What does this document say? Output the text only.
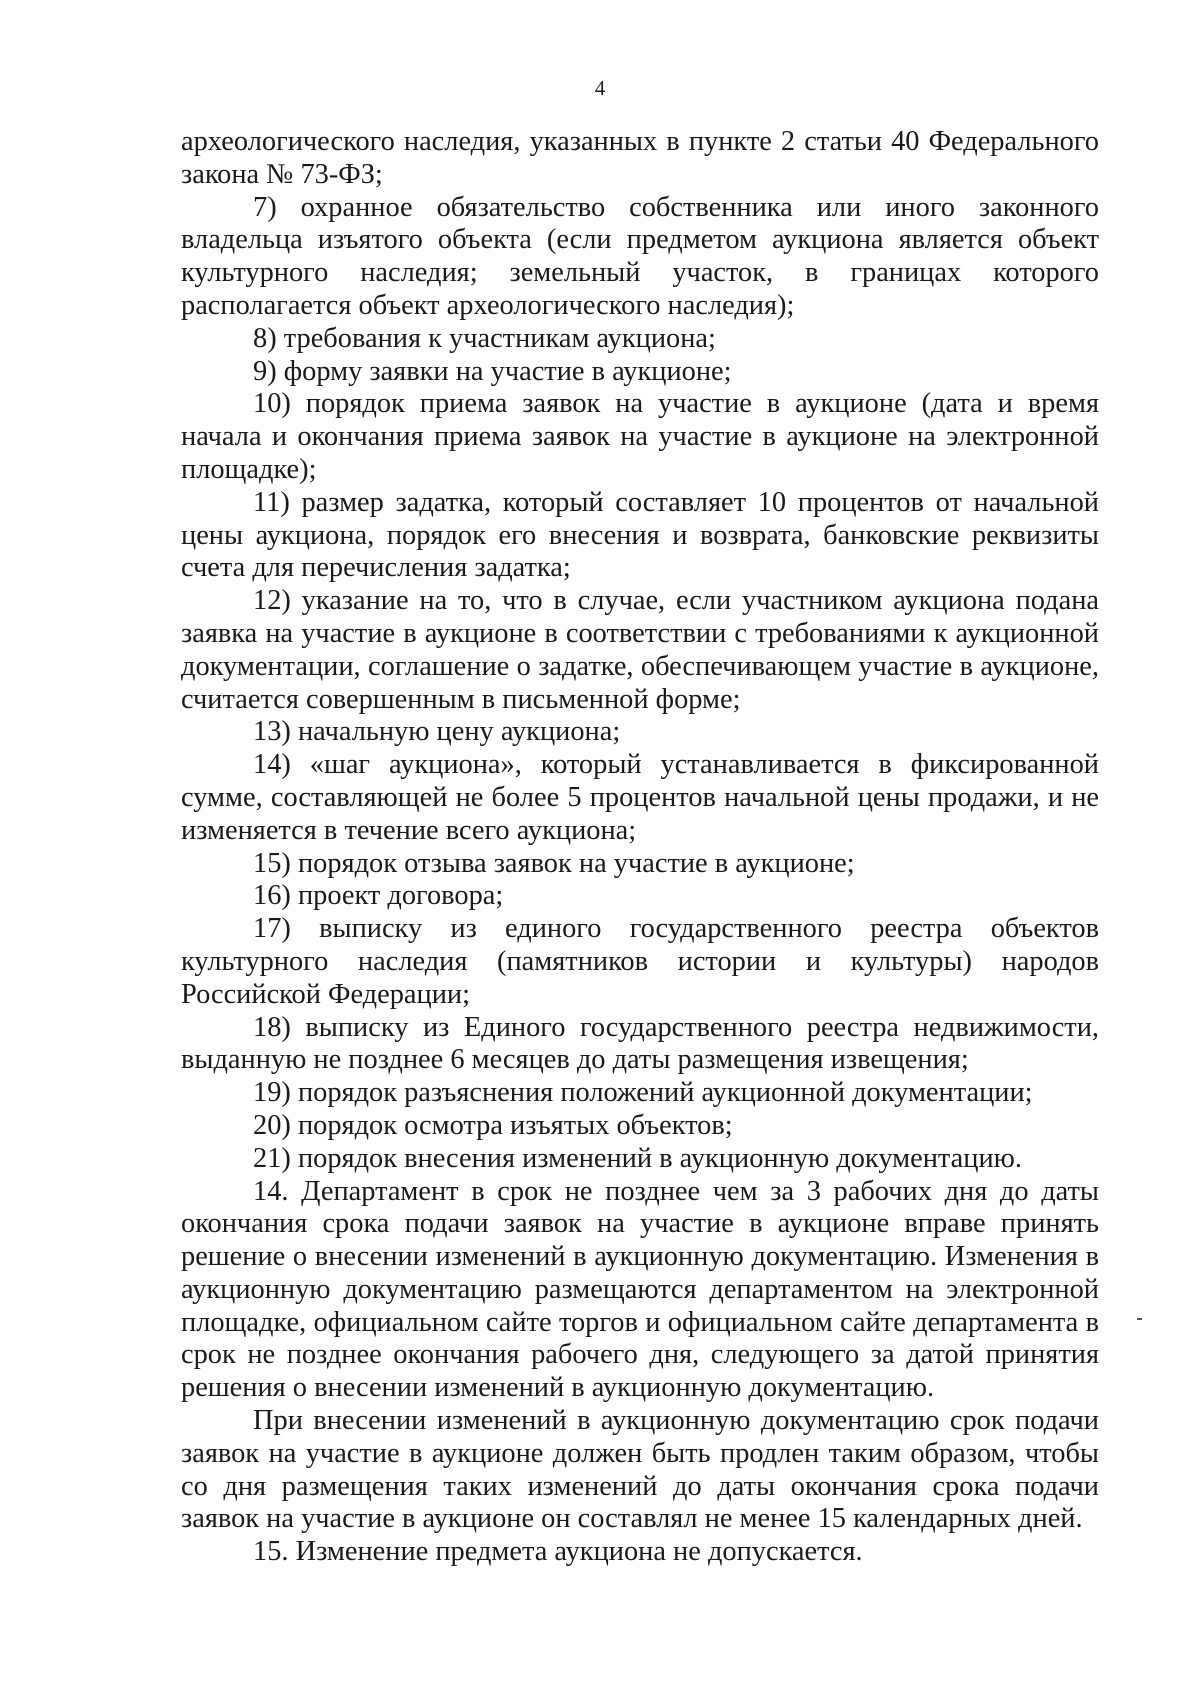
4

археологического наследия, указанных в пункте 2 статьи 40 Федерального закона № 73-ФЗ;

7) охранное обязательство собственника или иного законного владельца изъятого объекта (если предметом аукциона является объект культурного наследия; земельный участок, в границах которого располагается объект археологического наследия);

8) требования к участникам аукциона;

9) форму заявки на участие в аукционе;

10) порядок приема заявок на участие в аукционе (дата и время начала и окончания приема заявок на участие в аукционе на электронной площадке);

11) размер задатка, который составляет 10 процентов от начальной цены аукциона, порядок его внесения и возврата, банковские реквизиты счета для перечисления задатка;

12) указание на то, что в случае, если участником аукциона подана заявка на участие в аукционе в соответствии с требованиями к аукционной документации, соглашение о задатке, обеспечивающем участие в аукционе, считается совершенным в письменной форме;

13) начальную цену аукциона;

14) «шаг аукциона», который устанавливается в фиксированной сумме, составляющей не более 5 процентов начальной цены продажи, и не изменяется в течение всего аукциона;

15) порядок отзыва заявок на участие в аукционе;

16) проект договора;

17) выписку из единого государственного реестра объектов культурного наследия (памятников истории и культуры) народов Российской Федерации;

18) выписку из Единого государственного реестра недвижимости, выданную не позднее 6 месяцев до даты размещения извещения;

19) порядок разъяснения положений аукционной документации;

20) порядок осмотра изъятых объектов;

21) порядок внесения изменений в аукционную документацию.

14. Департамент в срок не позднее чем за 3 рабочих дня до даты окончания срока подачи заявок на участие в аукционе вправе принять решение о внесении изменений в аукционную документацию. Изменения в аукционную документацию размещаются департаментом на электронной площадке, официальном сайте торгов и официальном сайте департамента в срок не позднее окончания рабочего дня, следующего за датой принятия решения о внесении изменений в аукционную документацию.

При внесении изменений в аукционную документацию срок подачи заявок на участие в аукционе должен быть продлен таким образом, чтобы со дня размещения таких изменений до даты окончания срока подачи заявок на участие в аукционе он составлял не менее 15 календарных дней.

15. Изменение предмета аукциона не допускается.
